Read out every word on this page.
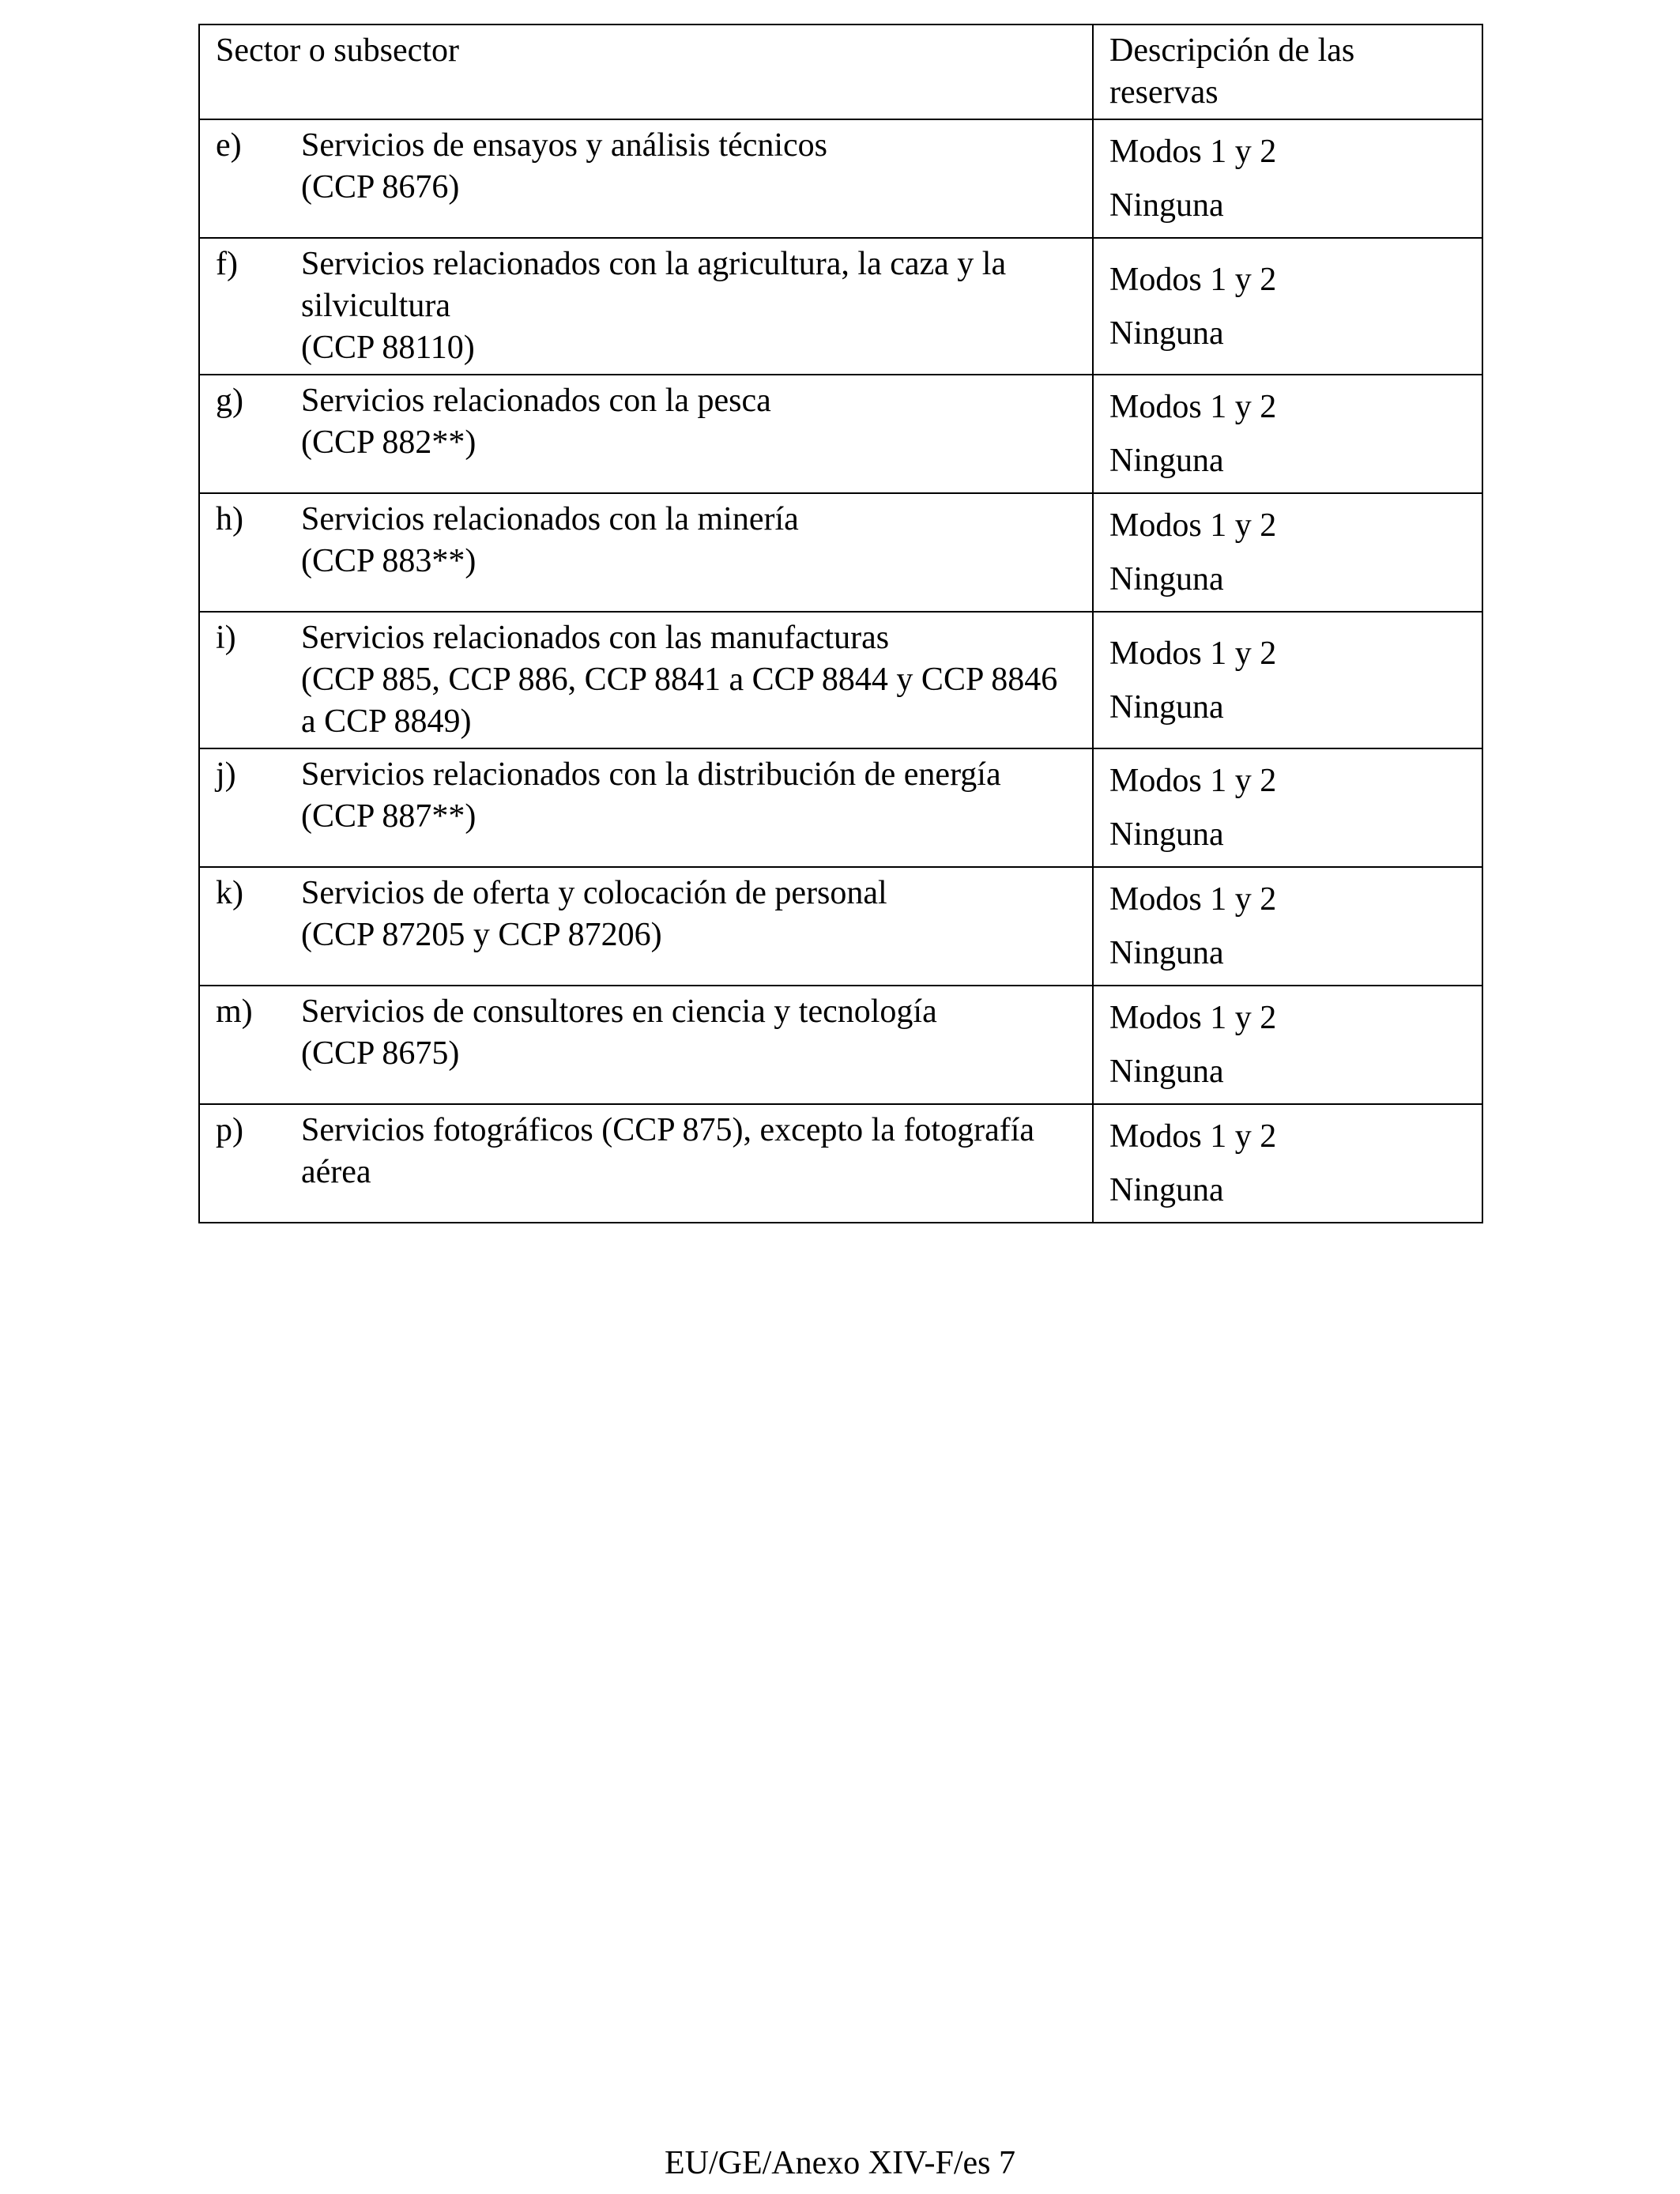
Sector o subsector	Descripción de las reservas

e) Servicios de ensayos y análisis técnicos
(CCP 8676)	Modos 1 y 2
Ninguna

f) Servicios relacionados con la agricultura, la caza y la silvicultura
(CCP 88110)	Modos 1 y 2
Ninguna

g) Servicios relacionados con la pesca
(CCP 882**)	Modos 1 y 2
Ninguna

h) Servicios relacionados con la minería
(CCP 883**)	Modos 1 y 2
Ninguna

i) Servicios relacionados con las manufacturas
(CCP 885, CCP 886, CCP 8841 a CCP 8844 y CCP 8846 a CCP 8849)	Modos 1 y 2
Ninguna

j) Servicios relacionados con la distribución de energía
(CCP 887**)	Modos 1 y 2
Ninguna

k) Servicios de oferta y colocación de personal
(CCP 87205 y CCP 87206)	Modos 1 y 2
Ninguna

m) Servicios de consultores en ciencia y tecnología
(CCP 8675)	Modos 1 y 2
Ninguna

p) Servicios fotográficos (CCP 875), excepto la fotografía aérea	Modos 1 y 2
Ninguna
EU/GE/Anexo XIV-F/es 7
